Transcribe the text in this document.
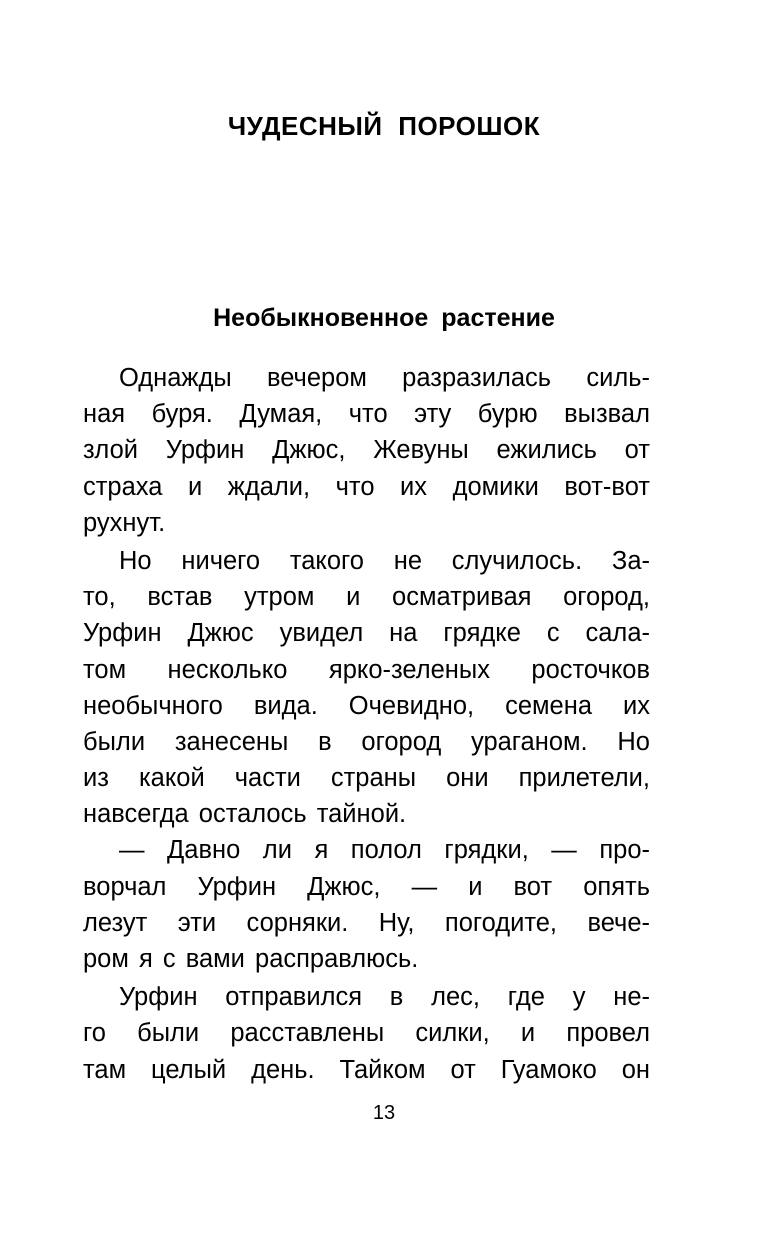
ЧУДЕСНЫЙ ПОРОШОК
Необыкновенное растение
Однажды вечером разразилась силь-
ная буря. Думая, что эту бурю вызвал
злой Урфин Джюс, Жевуны ежились от
страха и ждали, что их домики вот-вот
рухнут.
Но ничего такого не случилось. За-
то, встав утром и осматривая огород,
Урфин Джюс увидел на грядке с сала-
том несколько ярко-зеленых росточков
необычного вида. Очевидно, семена их
были занесены в огород ураганом. Но
из какой части страны они прилетели,
навсегда осталось тайной.
— Давно ли я полол грядки, — про-
ворчал Урфин Джюс, — и вот опять
лезут эти сорняки. Ну, погодите, вече-
ром я с вами расправлюсь.
Урфин отправился в лес, где у не-
го были расставлены силки, и провел
там целый день. Тайком от Гуамоко он
13
